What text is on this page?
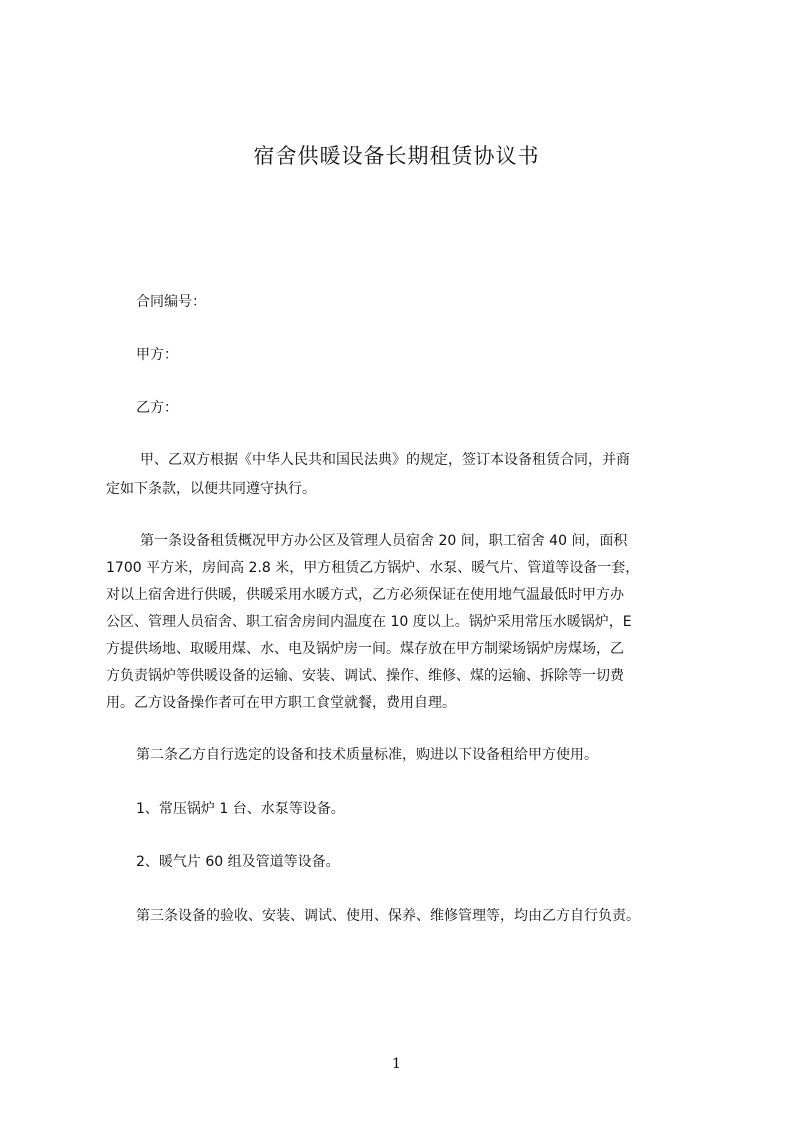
宿舍供暖设备长期租赁协议书
合同编号：
甲方：
乙方：
甲、乙双方根据《中华人民共和国民法典》的规定，签订本设备租赁合同，并商
定如下条款，以便共同遵守执行。
第一条设备租赁概况甲方办公区及管理人员宿舍 20 间，职工宿舍 40 间，面积
1700 平方米，房间高 2.8 米，甲方租赁乙方锅炉、水泵、暖气片、管道等设备一套，
对以上宿舍进行供暖，供暖采用水暖方式，乙方必须保证在使用地气温最低时甲方办
公区、管理人员宿舍、职工宿舍房间内温度在 10 度以上。锅炉采用常压水暖锅炉，E
方提供场地、取暖用煤、水、电及锅炉房一间。煤存放在甲方制梁场锅炉房煤场，乙
方负责锅炉等供暖设备的运输、安装、调试、操作、维修、煤的运输、拆除等一切费
用。乙方设备操作者可在甲方职工食堂就餐，费用自理。
第二条乙方自行选定的设备和技术质量标准，购进以下设备租给甲方使用。
1、常压锅炉 1 台、水泵等设备。
2、暖气片 60 组及管道等设备。
第三条设备的验收、安装、调试、使用、保养、维修管理等，均由乙方自行负责。
1
